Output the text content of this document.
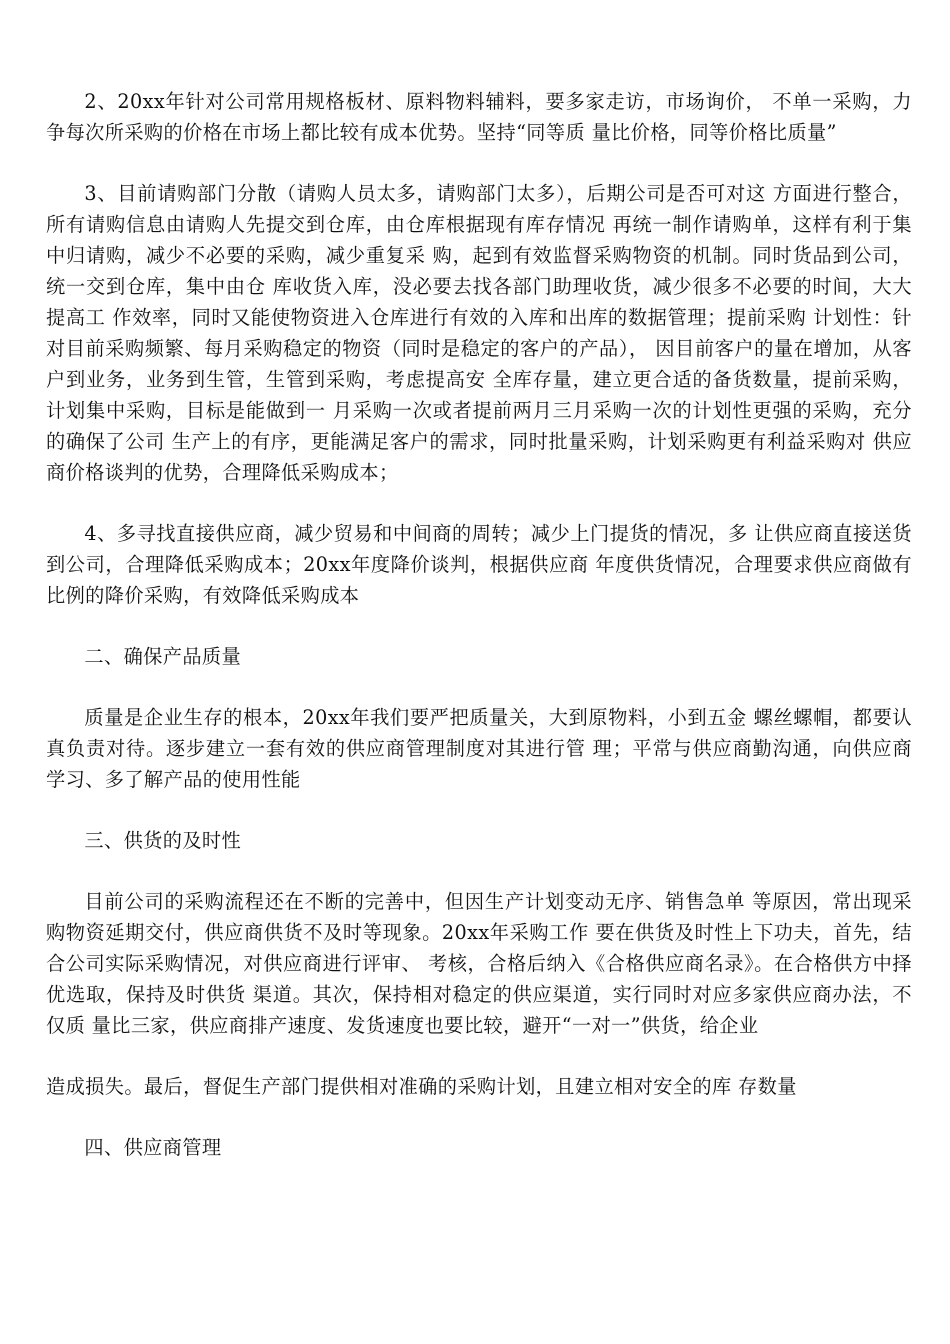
2、20xx年针对公司常用规格板材、原料物料辅料，要多家走访，市场询价， 不单一采购，力争每次所采购的价格在市场上都比较有成本优势。坚持“同等质 量比价格，同等价格比质量”

3、目前请购部门分散（请购人员太多，请购部门太多），后期公司是否可对这 方面进行整合，所有请购信息由请购人先提交到仓库，由仓库根据现有库存情况 再统一制作请购单，这样有利于集中归请购，减少不必要的采购，减少重复采 购，起到有效监督采购物资的机制。同时货品到公司，统一交到仓库，集中由仓 库收货入库，没必要去找各部门助理收货，减少很多不必要的时间，大大提高工 作效率，同时又能使物资进入仓库进行有效的入库和出库的数据管理；提前采购 计划性：针对目前采购频繁、每月采购稳定的物资（同时是稳定的客户的产品）， 因目前客户的量在增加，从客户到业务，业务到生管，生管到采购，考虑提高安 全库存量，建立更合适的备货数量，提前采购，计划集中采购，目标是能做到一 月采购一次或者提前两月三月采购一次的计划性更强的采购，充分的确保了公司 生产上的有序，更能满足客户的需求，同时批量采购，计划采购更有利益采购对 供应商价格谈判的优势，合理降低采购成本；

4、多寻找直接供应商，减少贸易和中间商的周转；减少上门提货的情况，多 让供应商直接送货到公司，合理降低采购成本；20xx年度降价谈判，根据供应商 年度供货情况，合理要求供应商做有比例的降价采购，有效降低采购成本

二、确保产品质量

质量是企业生存的根本，20xx年我们要严把质量关，大到原物料，小到五金 螺丝螺帽，都要认真负责对待。逐步建立一套有效的供应商管理制度对其进行管 理；平常与供应商勤沟通，向供应商学习、多了解产品的使用性能

三、供货的及时性

目前公司的采购流程还在不断的完善中，但因生产计划变动无序、销售急单 等原因，常出现采购物资延期交付，供应商供货不及时等现象。20xx年采购工作 要在供货及时性上下功夫，首先，结合公司实际采购情况，对供应商进行评审、 考核，合格后纳入《合格供应商名录》。在合格供方中择优选取，保持及时供货 渠道。其次，保持相对稳定的供应渠道，实行同时对应多家供应商办法，不仅质 量比三家，供应商排产速度、发货速度也要比较，避开“一对一”供货，给企业

造成损失。最后，督促生产部门提供相对准确的采购计划，且建立相对安全的库 存数量

四、供应商管理
